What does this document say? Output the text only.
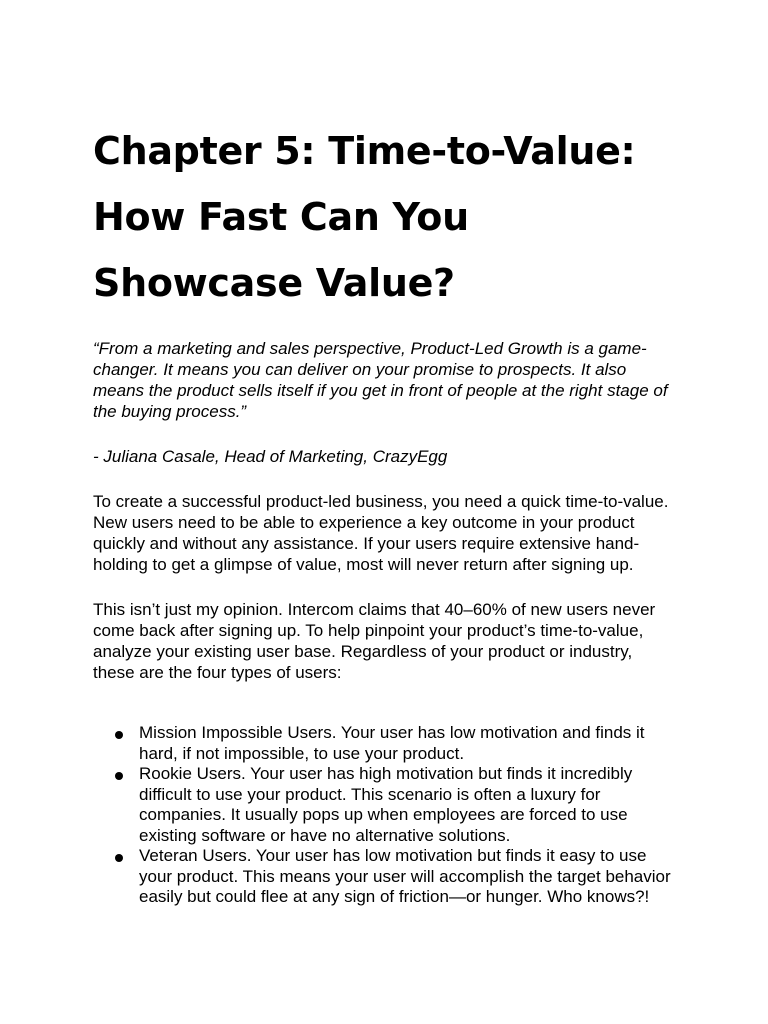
Chapter 5: Time-to-Value:
How Fast Can You
Showcase Value?

“From a marketing and sales perspective, Product-Led Growth is a game-changer. It means you can deliver on your promise to prospects. It also means the product sells itself if you get in front of people at the right stage of the buying process.”

- Juliana Casale, Head of Marketing, CrazyEgg

To create a successful product-led business, you need a quick time-to-value. New users need to be able to experience a key outcome in your product quickly and without any assistance. If your users require extensive hand-holding to get a glimpse of value, most will never return after signing up.

This isn’t just my opinion. Intercom claims that 40–60% of new users never come back after signing up. To help pinpoint your product’s time-to-value, analyze your existing user base. Regardless of your product or industry, these are the four types of users:

Mission Impossible Users. Your user has low motivation and finds it hard, if not impossible, to use your product.
Rookie Users. Your user has high motivation but finds it incredibly difficult to use your product. This scenario is often a luxury for companies. It usually pops up when employees are forced to use existing software or have no alternative solutions.
Veteran Users. Your user has low motivation but finds it easy to use your product. This means your user will accomplish the target behavior easily but could flee at any sign of friction—or hunger. Who knows?!
